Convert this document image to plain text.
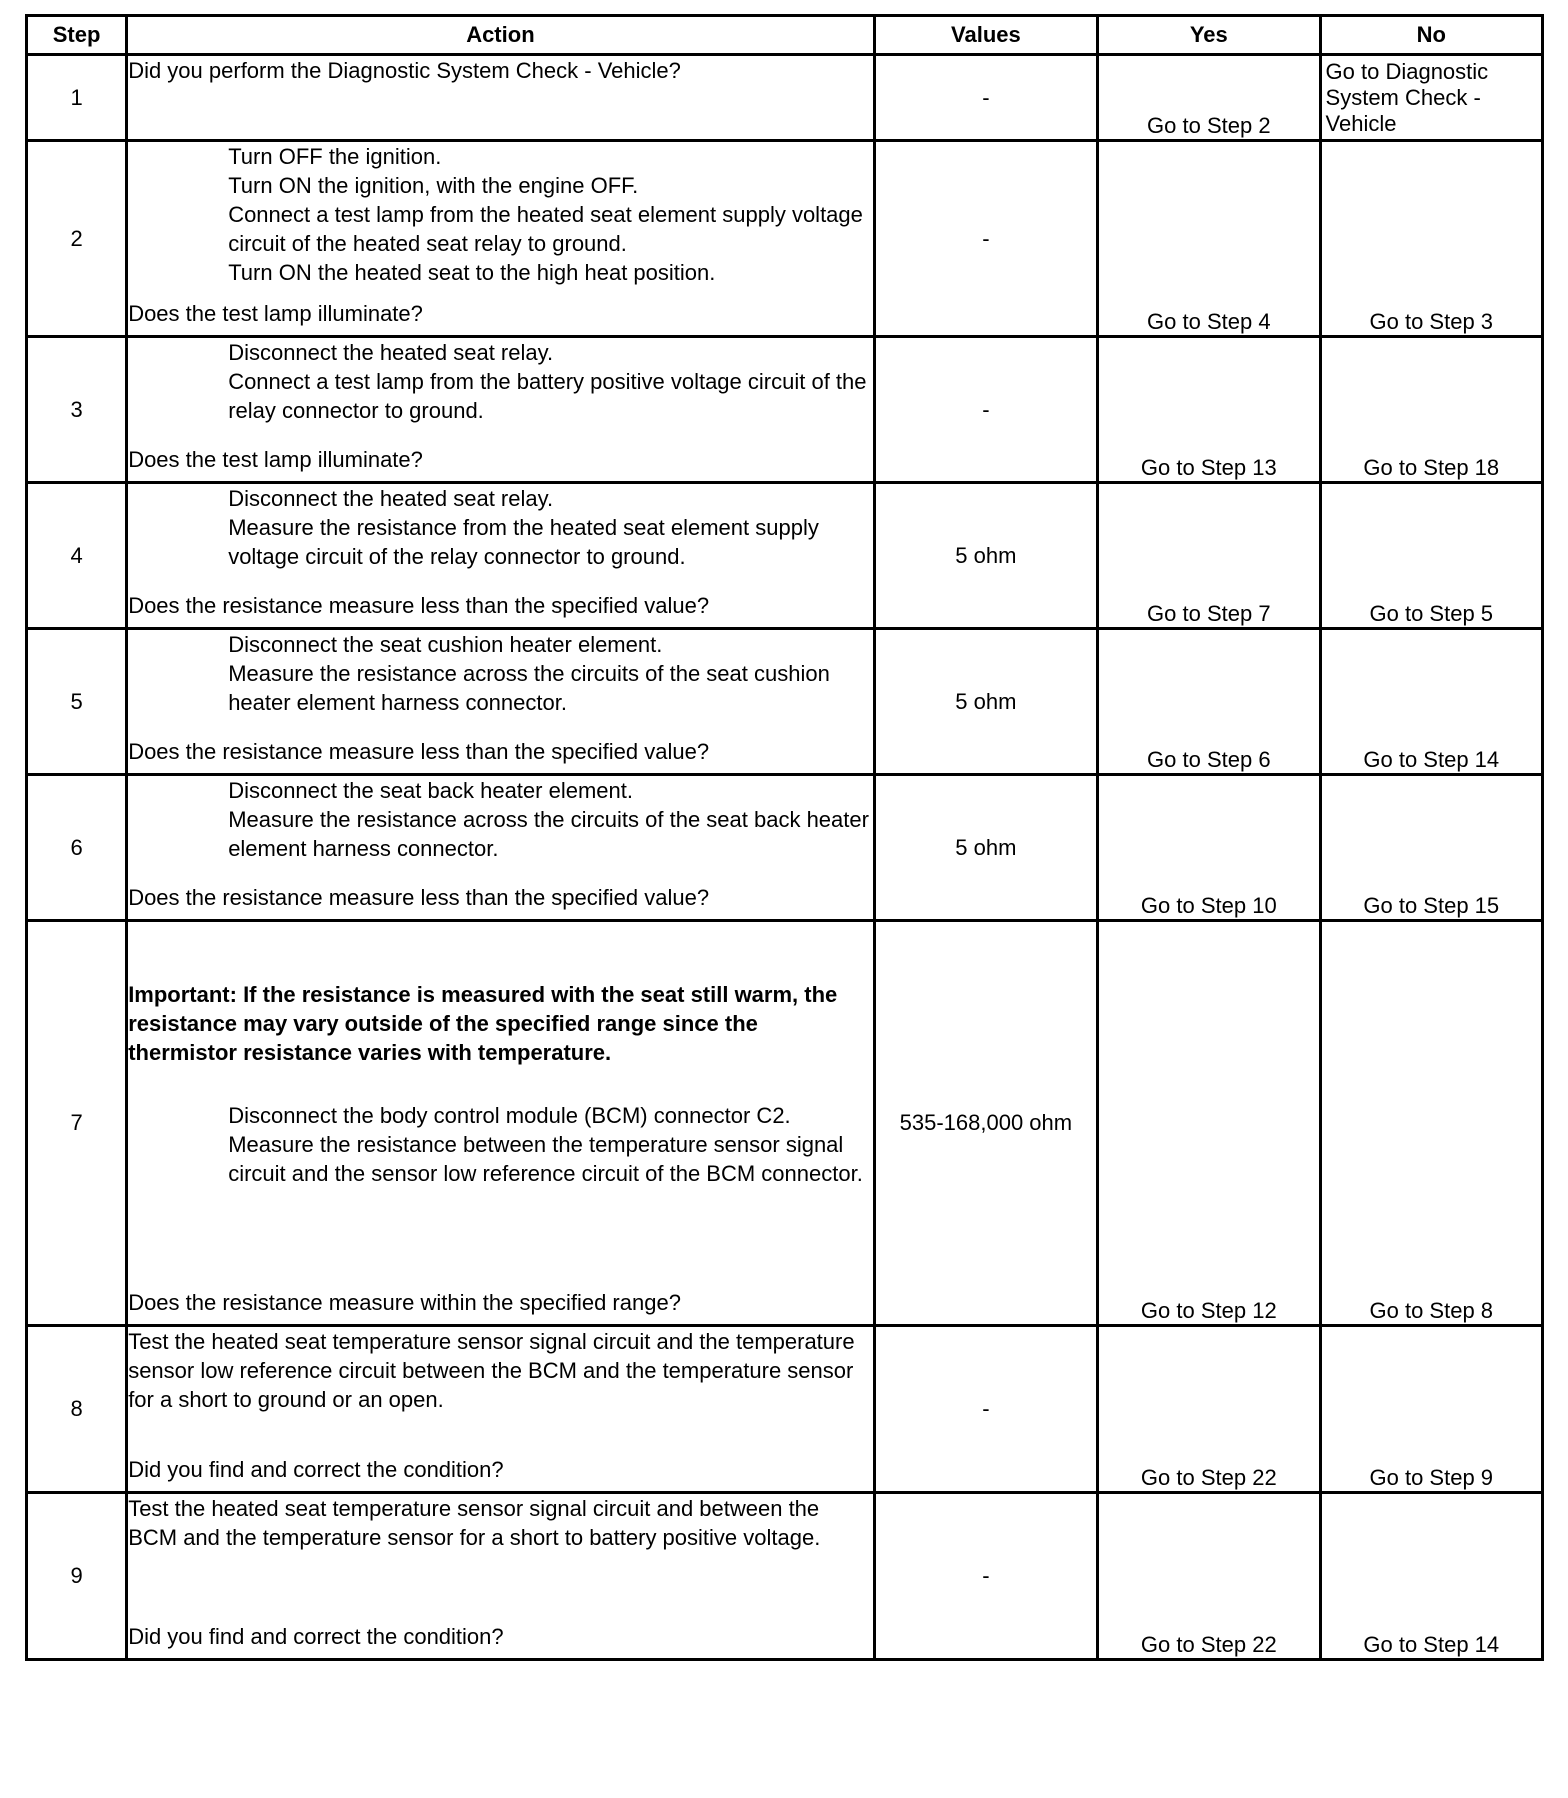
Step	Action	Values	Yes	No
1	Did you perform the Diagnostic System Check - Vehicle?	-	Go to Step 2	Go to Diagnostic System Check - Vehicle
2	Turn OFF the ignition.
Turn ON the ignition, with the engine OFF.
Connect a test lamp from the heated seat element supply voltage circuit of the heated seat relay to ground.
Turn ON the heated seat to the high heat position.
Does the test lamp illuminate?	-	Go to Step 4	Go to Step 3
3	Disconnect the heated seat relay.
Connect a test lamp from the battery positive voltage circuit of the relay connector to ground.
Does the test lamp illuminate?	-	Go to Step 13	Go to Step 18
4	Disconnect the heated seat relay.
Measure the resistance from the heated seat element supply voltage circuit of the relay connector to ground.
Does the resistance measure less than the specified value?	5 ohm	Go to Step 7	Go to Step 5
5	Disconnect the seat cushion heater element.
Measure the resistance across the circuits of the seat cushion heater element harness connector.
Does the resistance measure less than the specified value?	5 ohm	Go to Step 6	Go to Step 14
6	Disconnect the seat back heater element.
Measure the resistance across the circuits of the seat back heater element harness connector.
Does the resistance measure less than the specified value?	5 ohm	Go to Step 10	Go to Step 15
7	Important: If the resistance is measured with the seat still warm, the resistance may vary outside of the specified range since the thermistor resistance varies with temperature.
Disconnect the body control module (BCM) connector C2.
Measure the resistance between the temperature sensor signal circuit and the sensor low reference circuit of the BCM connector.
Does the resistance measure within the specified range?	535-168,000 ohm	Go to Step 12	Go to Step 8
8	Test the heated seat temperature sensor signal circuit and the temperature sensor low reference circuit between the BCM and the temperature sensor for a short to ground or an open.
Did you find and correct the condition?	-	Go to Step 22	Go to Step 9
9	Test the heated seat temperature sensor signal circuit and between the BCM and the temperature sensor for a short to battery positive voltage.
Did you find and correct the condition?	-	Go to Step 22	Go to Step 14
